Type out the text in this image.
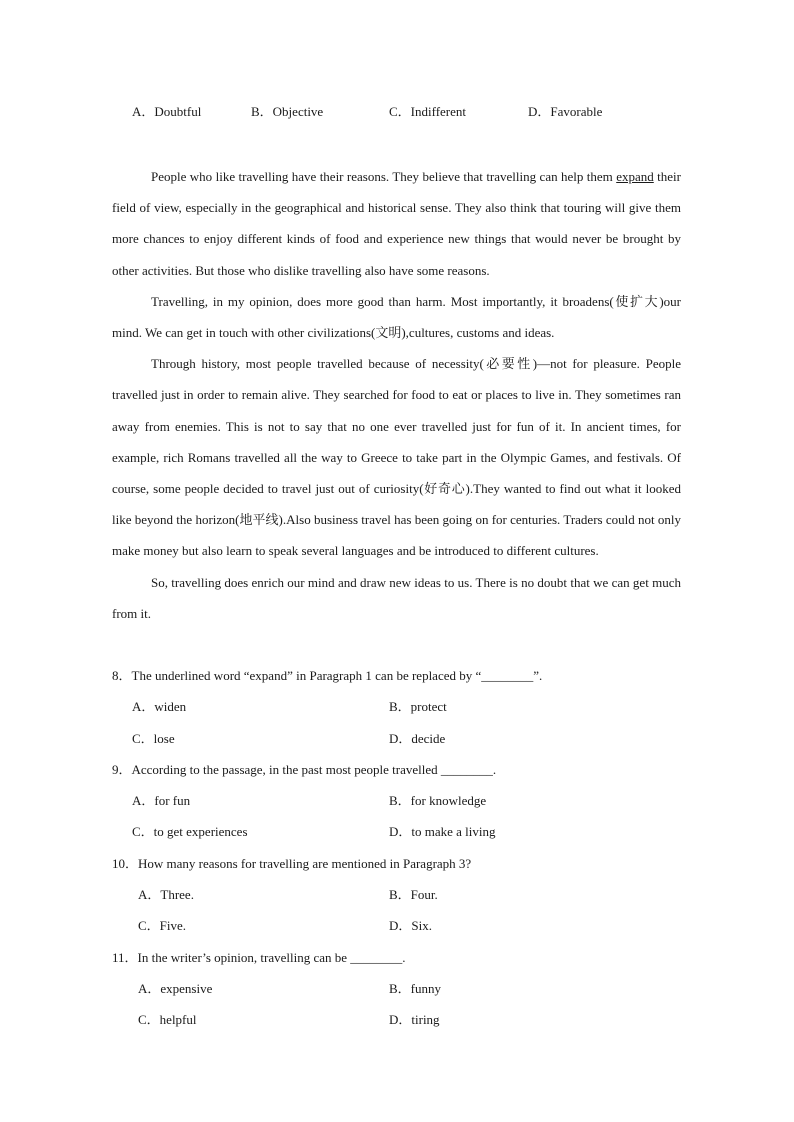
A．Doubtful	B．Objective	C．Indifferent	D．Favorable

People who like travelling have their reasons. They believe that travelling can help them expand their field of view, especially in the geographical and historical sense. They also think that touring will give them more chances to enjoy different kinds of food and experience new things that would never be brought by other activities. But those who dislike travelling also have some reasons.

Travelling, in my opinion, does more good than harm. Most importantly, it broadens(使扩大)our mind. We can get in touch with other civilizations(文明),cultures, customs and ideas.

Through history, most people travelled because of necessity(必要性)—not for pleasure. People travelled just in order to remain alive. They searched for food to eat or places to live in. They sometimes ran away from enemies. This is not to say that no one ever travelled just for fun of it. In ancient times, for example, rich Romans travelled all the way to Greece to take part in the Olympic Games, and festivals. Of course, some people decided to travel just out of curiosity(好奇心).They wanted to find out what it looked like beyond the horizon(地平线).Also business travel has been going on for centuries. Traders could not only make money but also learn to speak several languages and be introduced to different cultures.

So, travelling does enrich our mind and draw new ideas to us. There is no doubt that we can get much from it.

8．The underlined word “expand” in Paragraph 1 can be replaced by “________”.
A．widen	B．protect
C．lose	D．decide
9．According to the passage, in the past most people travelled ________.
A．for fun	B．for knowledge
C．to get experiences	D．to make a living
10．How many reasons for travelling are mentioned in Paragraph 3?
A．Three.	B．Four.
C．Five.	D．Six.
11．In the writer’s opinion, travelling can be ________.
A．expensive	B．funny
C．helpful	D．tiring
